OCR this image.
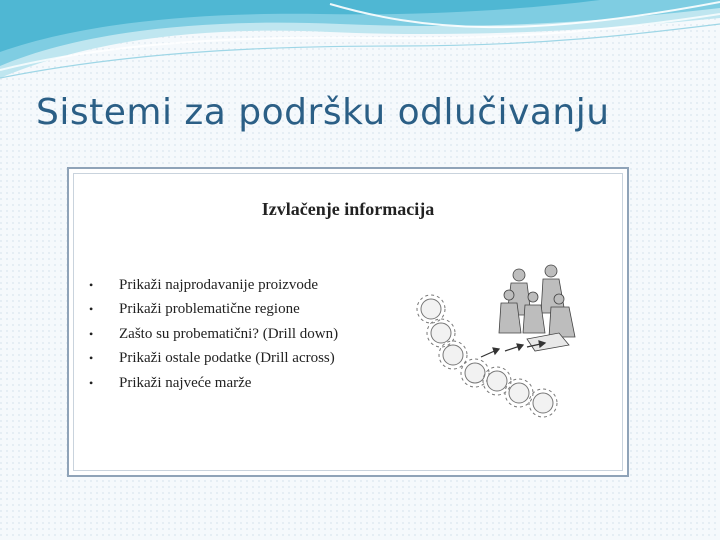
Sistemi za podršku odlučivanju
Izvlačenje informacija
•	Prikaži najprodavanije proizvode
•	Prikaži problematične regione
•	Zašto su probematični? (Drill down)
•	Prikaži ostale podatke (Drill across)
•	Prikaži najveće marže
